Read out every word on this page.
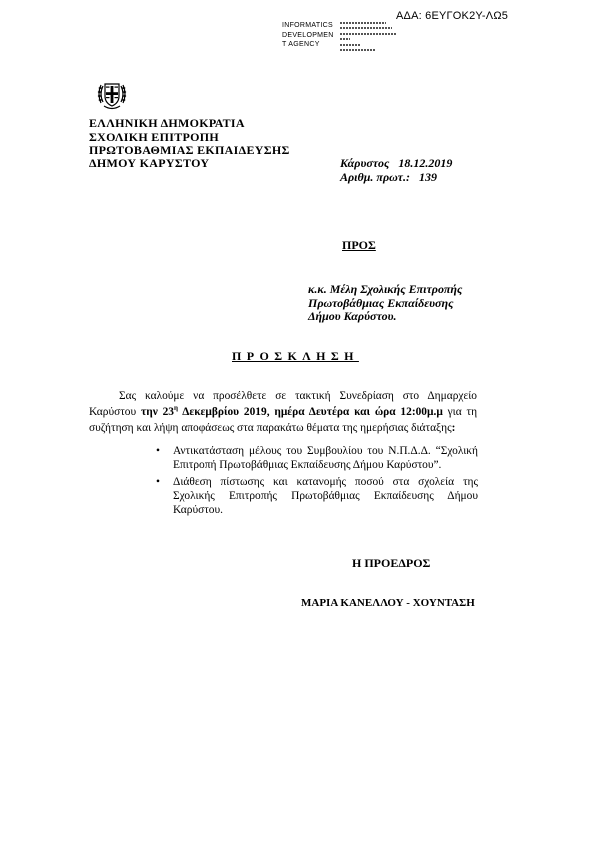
ΑΔΑ: 6ΕΥΓΟΚ2Υ-ΛΩ5
INFORMATICS
DEVELOPMEN
T AGENCY
ΕΛΛΗΝΙΚΗ ΔΗΜΟΚΡΑΤΙΑ
ΣΧΟΛΙΚΗ ΕΠΙΤΡΟΠΗ
ΠΡΩΤΟΒΑΘΜΙΑΣ ΕΚΠΑΙΔΕΥΣΗΣ
ΔΗΜΟΥ ΚΑΡΥΣΤΟΥ	Κάρυστος 18.12.2019
Αριθμ. πρωτ.: 139
ΠΡΟΣ
κ.κ. Μέλη Σχολικής Επιτροπής
Πρωτοβάθμιας Εκπαίδευσης
Δήμου Καρύστου.
ΠΡΟΣΚΛΗΣΗ
Σας καλούμε να προσέλθετε σε τακτική Συνεδρίαση στο Δημαρχείο Καρύστου την $23^\eta$ Δεκεμβρίου 2019, ημέρα Δευτέρα και ώρα 12:00μ.μ για τη συζήτηση και λήψη αποφάσεως στα παρακάτω θέματα της ημερήσιας διάταξης:
• Αντικατάσταση μέλους του Συμβουλίου του Ν.Π.Δ.Δ. “Σχολική Επιτροπή Πρωτοβάθμιας Εκπαίδευσης Δήμου Καρύστου”.
• Διάθεση πίστωσης και κατανομής ποσού στα σχολεία της Σχολικής Επιτροπής Πρωτοβάθμιας Εκπαίδευσης Δήμου Καρύστου.
Η ΠΡΟΕΔΡΟΣ
ΜΑΡΙΑ ΚΑΝΕΛΛΟΥ - ΧΟΥΝΤΑΣΗ
